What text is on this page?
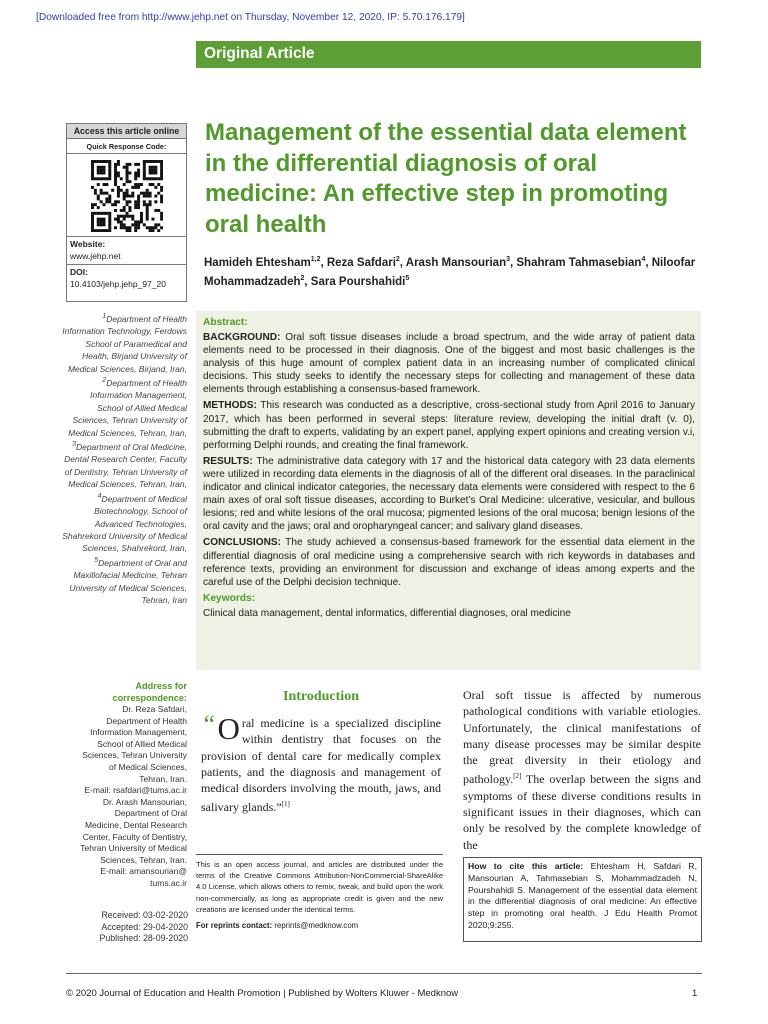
[Downloaded free from http://www.jehp.net on Thursday, November 12, 2020, IP: 5.70.176.179]
Original Article
Access this article online
Quick Response Code:
Website:
www.jehp.net
DOI:
10.4103/jehp.jehp_97_20
Management of the essential data element in the differential diagnosis of oral medicine: An effective step in promoting oral health
Hamideh Ehtesham$^{1,2}$, Reza Safdari$^2$, Arash Mansourian$^3$, Shahram Tahmasebian$^4$, Niloofar Mohammadzadeh$^2$, Sara Pourshahidi$^5$
$^1$Department of Health Information Technology, Ferdows School of Paramedical and Health, Birjand University of Medical Sciences, Birjand, Iran, $^2$Department of Health Information Management, School of Allied Medical Sciences, Tehran University of Medical Sciences, Tehran, Iran, $^3$Department of Oral Medicine, Dental Research Center, Faculty of Dentistry, Tehran University of Medical Sciences, Tehran, Iran, $^4$Department of Medical Biotechnology, School of Advanced Technologies, Shahrekord University of Medical Sciences, Shahrekord, Iran, $^5$Department of Oral and Maxillofacial Medicine, Tehran University of Medical Sciences, Tehran, Iran
Address for correspondence:
Dr. Reza Safdari,
Department of Health
Information Management,
School of Allied Medical
Sciences, Tehran University
of Medical Sciences,
Tehran, Iran.
E-mail: rsafdari@tums.ac.ir
Dr. Arash Mansourian,
Department of Oral
Medicine, Dental Research
Center, Faculty of Dentistry,
Tehran University of Medical
Sciences, Tehran, Iran.
E-mail: amansourian@
tums.ac.ir
Received: 03-02-2020
Accepted: 29-04-2020
Published: 28-09-2020
Abstract:
BACKGROUND: Oral soft tissue diseases include a broad spectrum, and the wide array of patient data elements need to be processed in their diagnosis. One of the biggest and most basic challenges is the analysis of this huge amount of complex patient data in an increasing number of complicated clinical decisions. This study seeks to identify the necessary steps for collecting and management of these data elements through establishing a consensus-based framework.
METHODS: This research was conducted as a descriptive, cross-sectional study from April 2016 to January 2017, which has been performed in several steps: literature review, developing the initial draft (v. 0), submitting the draft to experts, validating by an expert panel, applying expert opinions and creating version v.i, performing Delphi rounds, and creating the final framework.
RESULTS: The administrative data category with 17 and the historical data category with 23 data elements were utilized in recording data elements in the diagnosis of all of the different oral diseases. In the paraclinical indicator and clinical indicator categories, the necessary data elements were considered with respect to the 6 main axes of oral soft tissue diseases, according to Burket’s Oral Medicine: ulcerative, vesicular, and bullous lesions; red and white lesions of the oral mucosa; pigmented lesions of the oral mucosa; benign lesions of the oral cavity and the jaws; oral and oropharyngeal cancer; and salivary gland diseases.
CONCLUSIONS: The study achieved a consensus-based framework for the essential data element in the differential diagnosis of oral medicine using a comprehensive search with rich keywords in databases and reference texts, providing an environment for discussion and exchange of ideas among experts and the careful use of the Delphi decision technique.
Keywords:
Clinical data management, dental informatics, differential diagnoses, oral medicine
Introduction
“ O ral medicine is a specialized discipline within dentistry that focuses on the provision of dental care for medically complex patients, and the diagnosis and management of medical disorders involving the mouth, jaws, and salivary glands.”[1]
Oral soft tissue is affected by numerous pathological conditions with variable etiologies. Unfortunately, the clinical manifestations of many disease processes may be similar despite the great diversity in their etiology and pathology.[2] The overlap between the signs and symptoms of these diverse conditions results in significant issues in their diagnoses, which can only be resolved by the complete knowledge of the
This is an open access journal, and articles are distributed under the terms of the Creative Commons Attribution-NonCommercial-ShareAlike 4.0 License, which allows others to remix, tweak, and build upon the work non-commercially, as long as appropriate credit is given and the new creations are licensed under the identical terms.
For reprints contact: reprints@medknow.com
How to cite this article: Ehtesham H, Safdari R, Mansourian A, Tahmasebian S, Mohammadzadeh N, Pourshahidi S. Management of the essential data element in the differential diagnosis of oral medicine: An effective step in promoting oral health. J Edu Health Promot 2020;9:255.
© 2020 Journal of Education and Health Promotion | Published by Wolters Kluwer - Medknow	1
